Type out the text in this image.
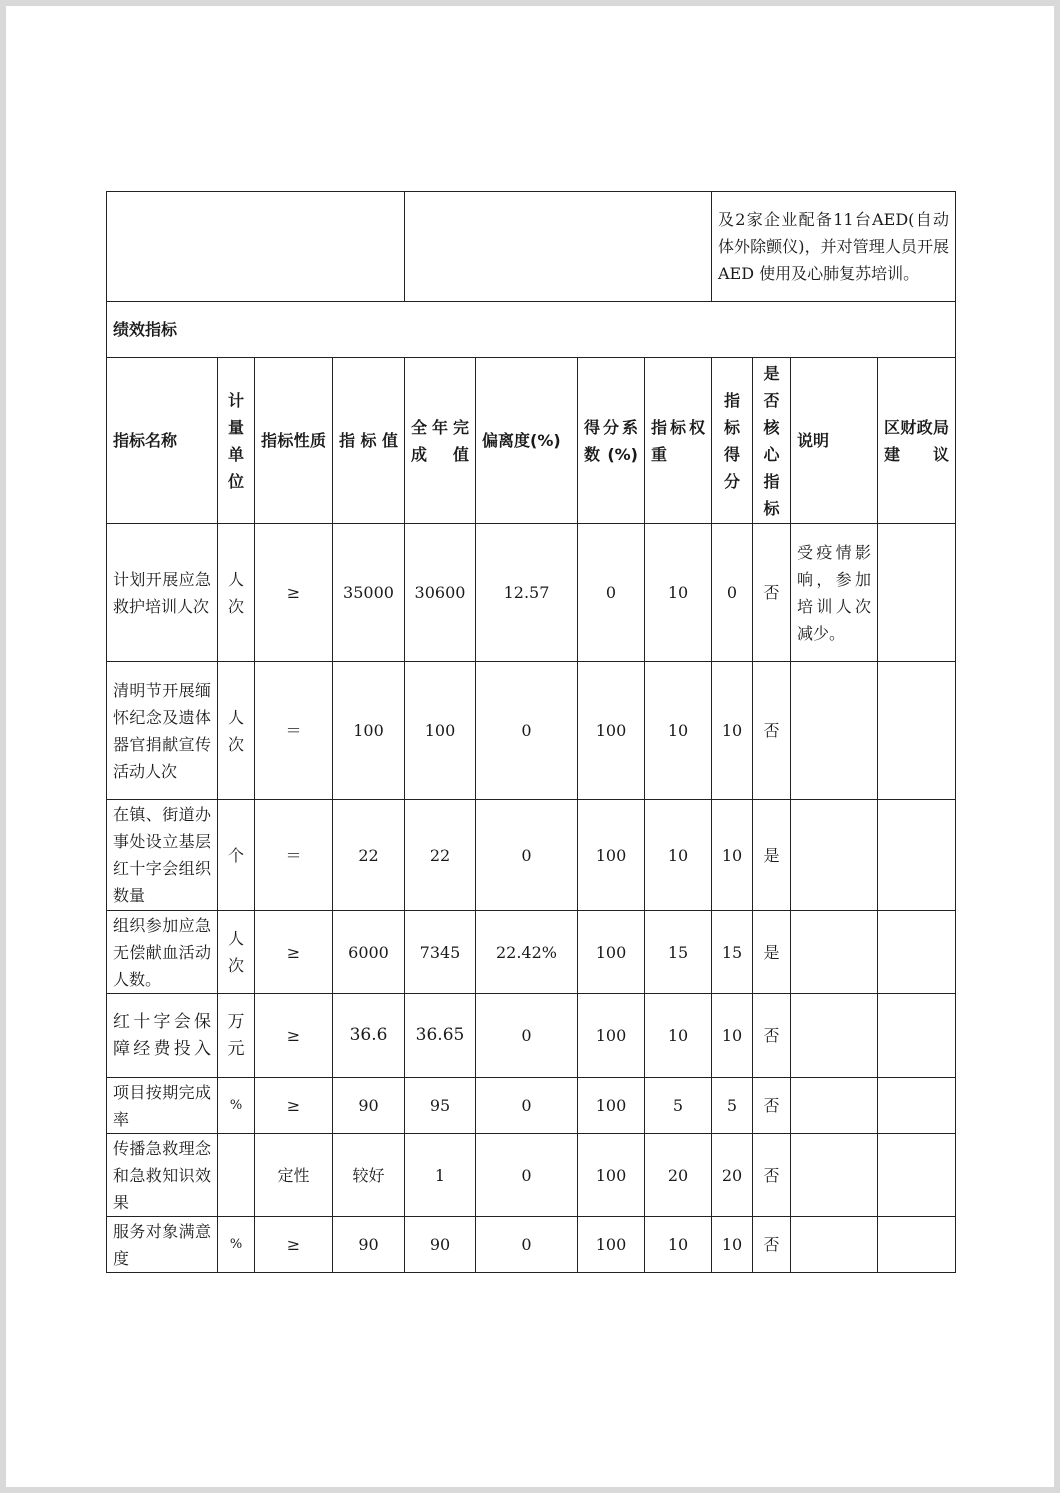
								及2家企业配备11台AED(自动体外除颤仪)，并对管理人员开展 AED 使用及心肺复苏培训。			
绩效指标											
指标名称	计量单位	指标性质	指标值	全年完成值	偏离度(%)	得分系数(%)	指标权重	指标得分	是否核心指标	说明	区财政局建议
计划开展应急救护培训人次	人次	≥	35000	30600	12.57	0	10	0	否	受疫情影响，参加培训人次减少。	
清明节开展缅怀纪念及遗体器官捐献宣传活动人次	人次	＝	100	100	0	100	10	10	否		
在镇、街道办事处设立基层红十字会组织数量	个	＝	22	22	0	100	10	10	是		
组织参加应急无偿献血活动人数。	人次	≥	6000	7345	22.42%	100	15	15	是		
红十字会保障经费投入	万元	≥	36.6	36.65	0	100	10	10	否		
项目按期完成率	%	≥	90	95	0	100	5	5	否		
传播急救理念和急救知识效果		定性	较好	1	0	100	20	20	否		
服务对象满意度	%	≥	90	90	0	100	10	10	否		
